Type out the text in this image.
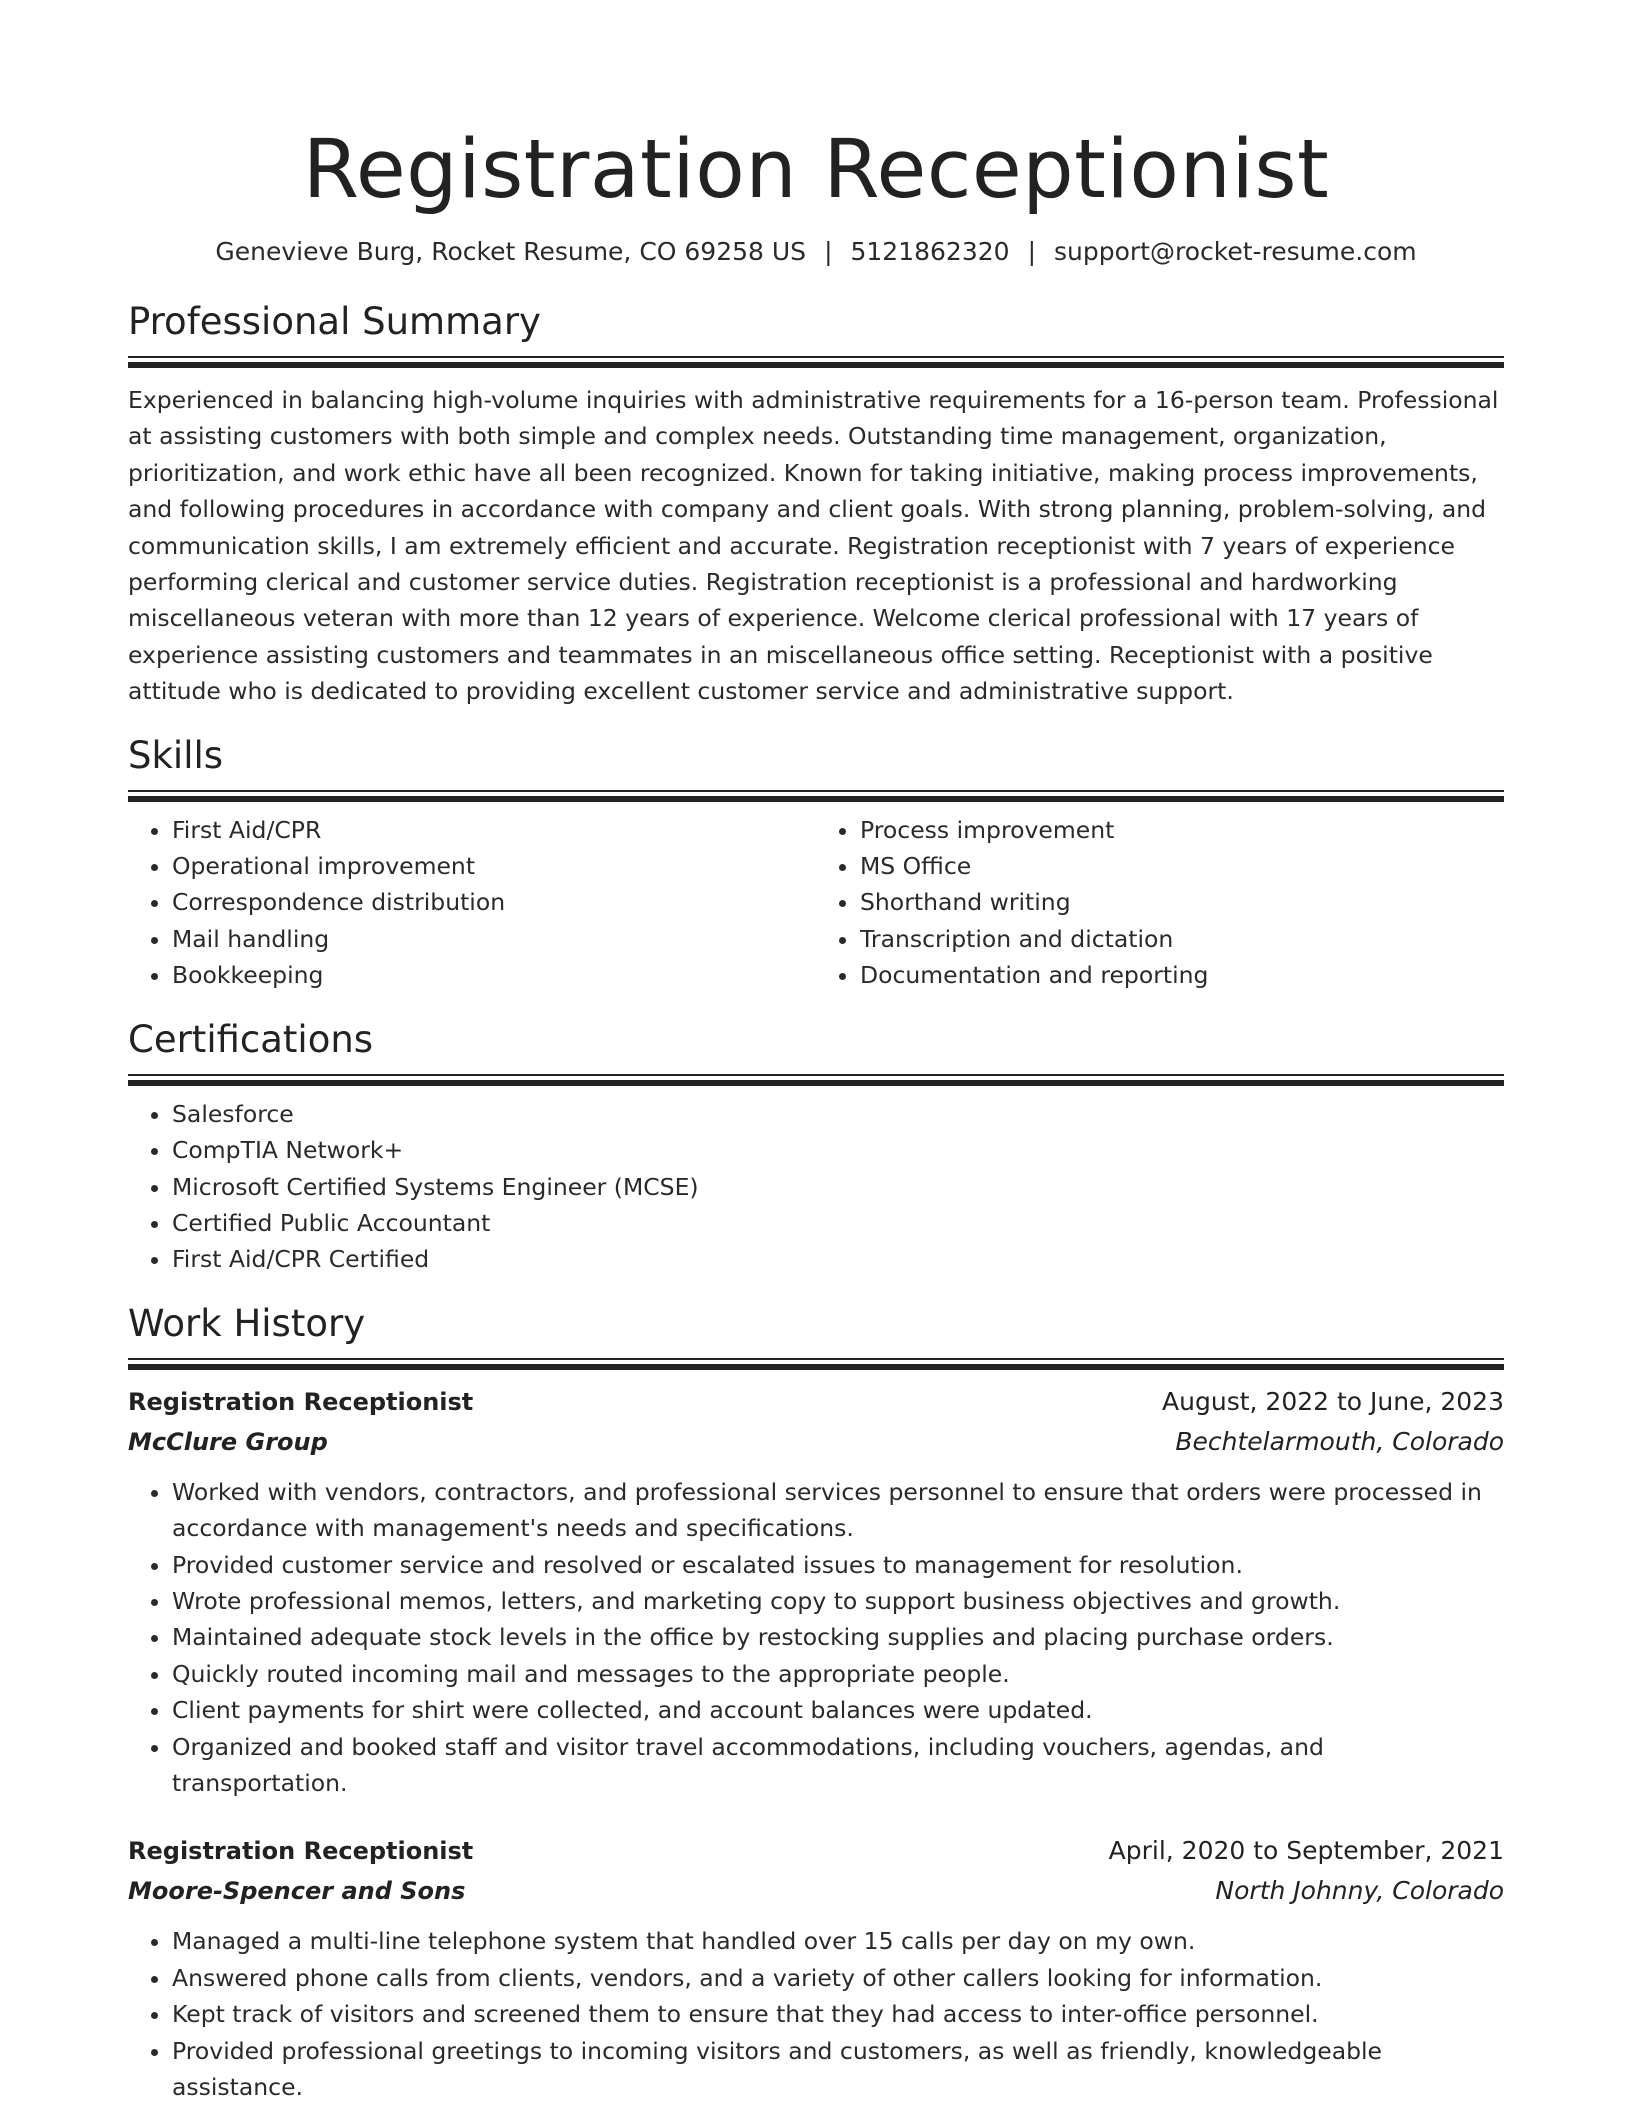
Registration Receptionist
Genevieve Burg, Rocket Resume, CO 69258 US | 5121862320 | support@rocket-resume.com
Professional Summary

Experienced in balancing high-volume inquiries with administrative requirements for a 16-person team. Professional at assisting customers with both simple and complex needs. Outstanding time management, organization, prioritization, and work ethic have all been recognized. Known for taking initiative, making process improvements, and following procedures in accordance with company and client goals. With strong planning, problem-solving, and communication skills, I am extremely efficient and accurate. Registration receptionist with 7 years of experience performing clerical and customer service duties. Registration receptionist is a professional and hardworking miscellaneous veteran with more than 12 years of experience. Welcome clerical professional with 17 years of experience assisting customers and teammates in an miscellaneous office setting. Receptionist with a positive attitude who is dedicated to providing excellent customer service and administrative support.

Skills
• First Aid/CPR
• Operational improvement
• Correspondence distribution
• Mail handling
• Bookkeeping
• Process improvement
• MS Office
• Shorthand writing
• Transcription and dictation
• Documentation and reporting
Certifications
• Salesforce
• CompTIA Network+
• Microsoft Certified Systems Engineer (MCSE)
• Certified Public Accountant
• First Aid/CPR Certified
Work History
Registration Receptionist	August, 2022 to June, 2023
McClure Group	Bechtelarmouth, Colorado
• Worked with vendors, contractors, and professional services personnel to ensure that orders were processed in accordance with management's needs and specifications.
• Provided customer service and resolved or escalated issues to management for resolution.
• Wrote professional memos, letters, and marketing copy to support business objectives and growth.
• Maintained adequate stock levels in the office by restocking supplies and placing purchase orders.
• Quickly routed incoming mail and messages to the appropriate people.
• Client payments for shirt were collected, and account balances were updated.
• Organized and booked staff and visitor travel accommodations, including vouchers, agendas, and transportation.
Registration Receptionist	April, 2020 to September, 2021
Moore-Spencer and Sons	North Johnny, Colorado
• Managed a multi-line telephone system that handled over 15 calls per day on my own.
• Answered phone calls from clients, vendors, and a variety of other callers looking for information.
• Kept track of visitors and screened them to ensure that they had access to inter-office personnel.
• Provided professional greetings to incoming visitors and customers, as well as friendly, knowledgeable assistance.
